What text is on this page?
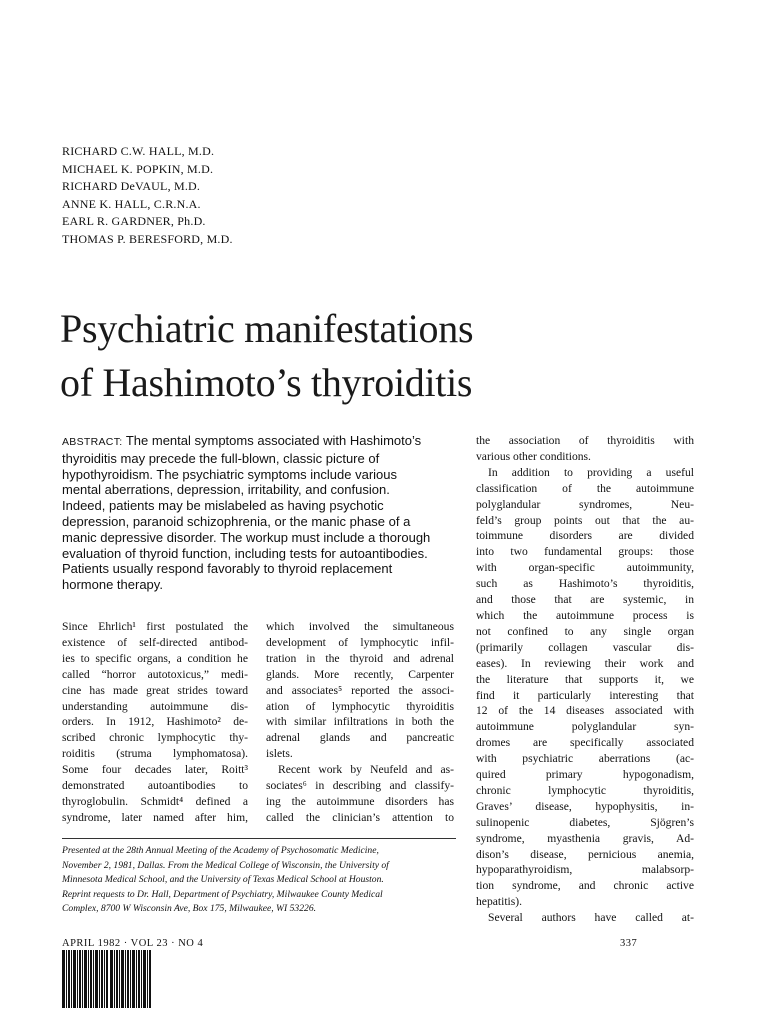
RICHARD C.W. HALL, M.D.
MICHAEL K. POPKIN, M.D.
RICHARD DeVAUL, M.D.
ANNE K. HALL, C.R.N.A.
EARL R. GARDNER, Ph.D.
THOMAS P. BERESFORD, M.D.
Psychiatric manifestations
of Hashimoto’s thyroiditis
ABSTRACT: The mental symptoms associated with Hashimoto’s
thyroiditis may precede the full-blown, classic picture of
hypothyroidism. The psychiatric symptoms include various
mental aberrations, depression, irritability, and confusion.
Indeed, patients may be mislabeled as having psychotic
depression, paranoid schizophrenia, or the manic phase of a
manic depressive disorder. The workup must include a thorough
evaluation of thyroid function, including tests for autoantibodies.
Patients usually respond favorably to thyroid replacement
hormone therapy.
Since Ehrlich¹ first postulated the
existence of self-directed antibod-
ies to specific organs, a condition he
called “horror autotoxicus,” medi-
cine has made great strides toward
understanding autoimmune dis-
orders. In 1912, Hashimoto² de-
scribed chronic lymphocytic thy-
roiditis (struma lymphomatosa).
Some four decades later, Roitt³
demonstrated autoantibodies to
thyroglobulin. Schmidt⁴ defined a
syndrome, later named after him,
which involved the simultaneous
development of lymphocytic infil-
tration in the thyroid and adrenal
glands. More recently, Carpenter
and associates⁵ reported the associ-
ation of lymphocytic thyroiditis
with similar infiltrations in both the
adrenal glands and pancreatic
islets.
Recent work by Neufeld and as-
sociates⁶ in describing and classify-
ing the autoimmune disorders has
called the clinician’s attention to
the association of thyroiditis with
various other conditions.
In addition to providing a useful
classification of the autoimmune
polyglandular syndromes, Neu-
feld’s group points out that the au-
toimmune disorders are divided
into two fundamental groups: those
with organ-specific autoimmunity,
such as Hashimoto’s thyroiditis,
and those that are systemic, in
which the autoimmune process is
not confined to any single organ
(primarily collagen vascular dis-
eases). In reviewing their work and
the literature that supports it, we
find it particularly interesting that
12 of the 14 diseases associated with
autoimmune polyglandular syn-
dromes are specifically associated
with psychiatric aberrations (ac-
quired primary hypogonadism,
chronic lymphocytic thyroiditis,
Graves’ disease, hypophysitis, in-
sulinopenic diabetes, Sjögren’s
syndrome, myasthenia gravis, Ad-
dison’s disease, pernicious anemia,
hypoparathyroidism, malabsorp-
tion syndrome, and chronic active
hepatitis).
Several authors have called at-
Presented at the 28th Annual Meeting of the Academy of Psychosomatic Medicine,
November 2, 1981, Dallas. From the Medical College of Wisconsin, the University of
Minnesota Medical School, and the University of Texas Medical School at Houston.
Reprint requests to Dr. Hall, Department of Psychiatry, Milwaukee County Medical
Complex, 8700 W Wisconsin Ave, Box 175, Milwaukee, WI 53226.
APRIL 1982 · VOL 23 · NO 4	337
